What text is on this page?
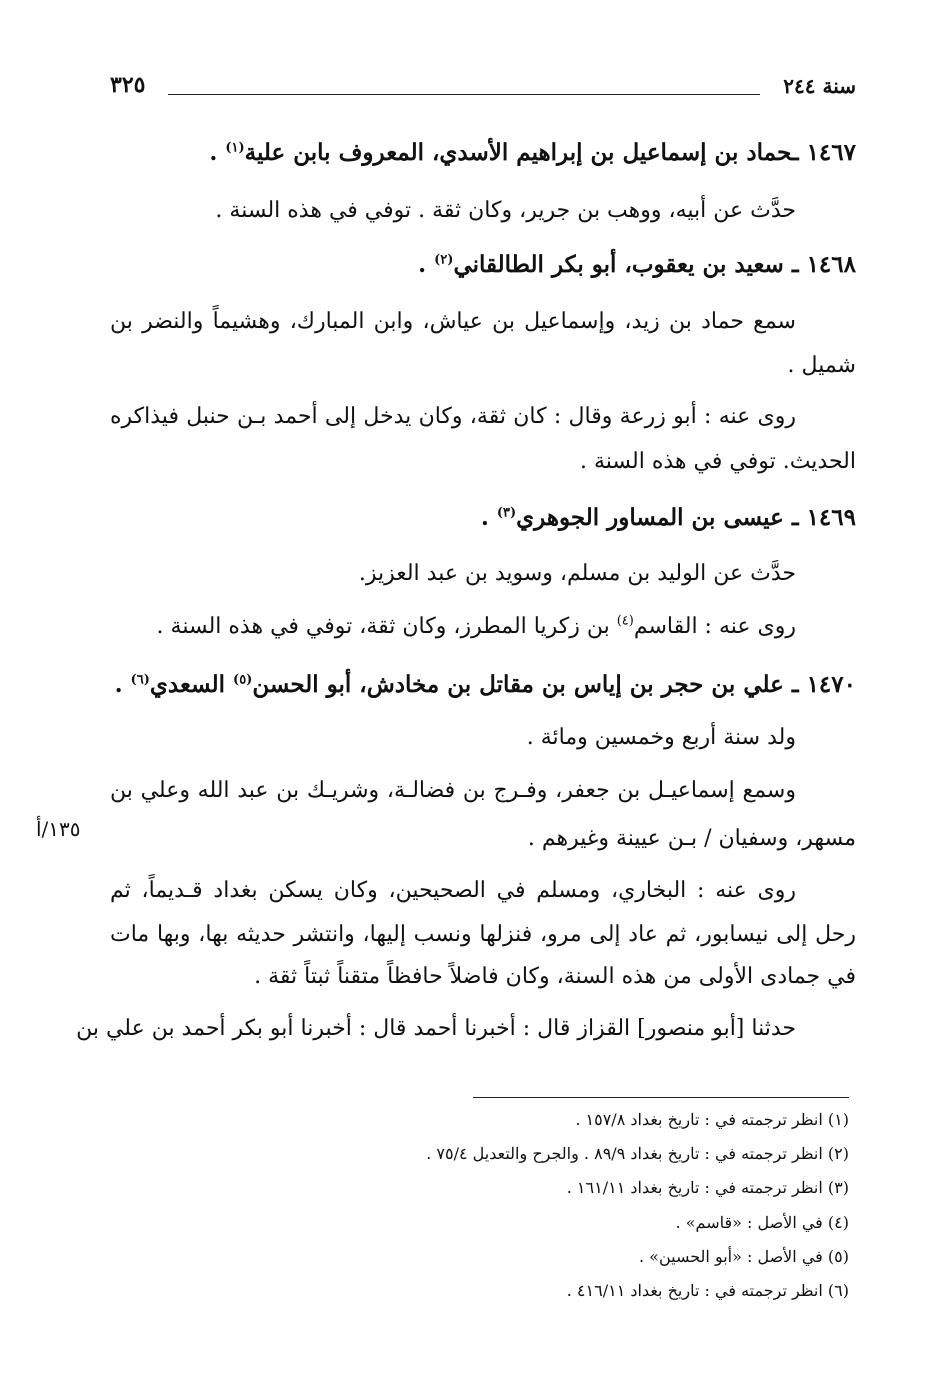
سنة ٢٤٤
٣٢٥
١٤٦٧ ـحماد بن إسماعيل بن إبراهيم الأسدي، المعروف بابن علية$^{(١)}$ .
حدَّث عن أبيه، ووهب بن جرير، وكان ثقة . توفي في هذه السنة .
١٤٦٨ ـ سعيد بن يعقوب، أبو بكر الطالقاني$^{(٢)}$ .
سمع حماد بن زيد، وإسماعيل بن عياش، وابن المبارك، وهشيماً والنضر بن
شميل .
روى عنه : أبو زرعة وقال : كان ثقة، وكان يدخل إلى أحمد بـن حنبل فيذاكره
الحديث. توفي في هذه السنة .
١٤٦٩ ـ عيسى بن المساور الجوهري$^{(٣)}$ .
حدَّث عن الوليد بن مسلم، وسويد بن عبد العزيز.
روى عنه : القاسم$^{(٤)}$ بن زكريا المطرز، وكان ثقة، توفي في هذه السنة .
١٤٧٠ ـ علي بن حجر بن إياس بن مقاتل بن مخادش، أبو الحسن$^{(٥)}$ السعدي$^{(٦)}$ .
ولد سنة أربع وخمسين ومائة .
وسمع إسماعيـل بن جعفر، وفـرج بن فضالـة، وشريـك بن عبد الله وعلي بن
مسهر، وسفيان / بـن عيينة وغيرهم .
روى عنه : البخاري، ومسلم في الصحيحين، وكان يسكن بغداد قـديماً، ثم
رحل إلى نيسابور، ثم عاد إلى مرو، فنزلها ونسب إليها، وانتشر حديثه بها، وبها مات
في جمادى الأولى من هذه السنة، وكان فاضلاً حافظاً متقناً ثبتاً ثقة .
حدثنا [أبو منصور] القزاز قال : أخبرنا أحمد قال : أخبرنا أبو بكر أحمد بن علي بن
١٣٥/أ
(١) انظر ترجمته في : تاريخ بغداد ١٥٧/٨ .
(٢) انظر ترجمته في : تاريخ بغداد ٨٩/٩ . والجرح والتعديل ٧٥/٤ .
(٣) انظر ترجمته في : تاريخ بغداد ١٦١/١١ .
(٤) في الأصل : «قاسم» .
(٥) في الأصل : «أبو الحسين» .
(٦) انظر ترجمته في : تاريخ بغداد ٤١٦/١١ .
